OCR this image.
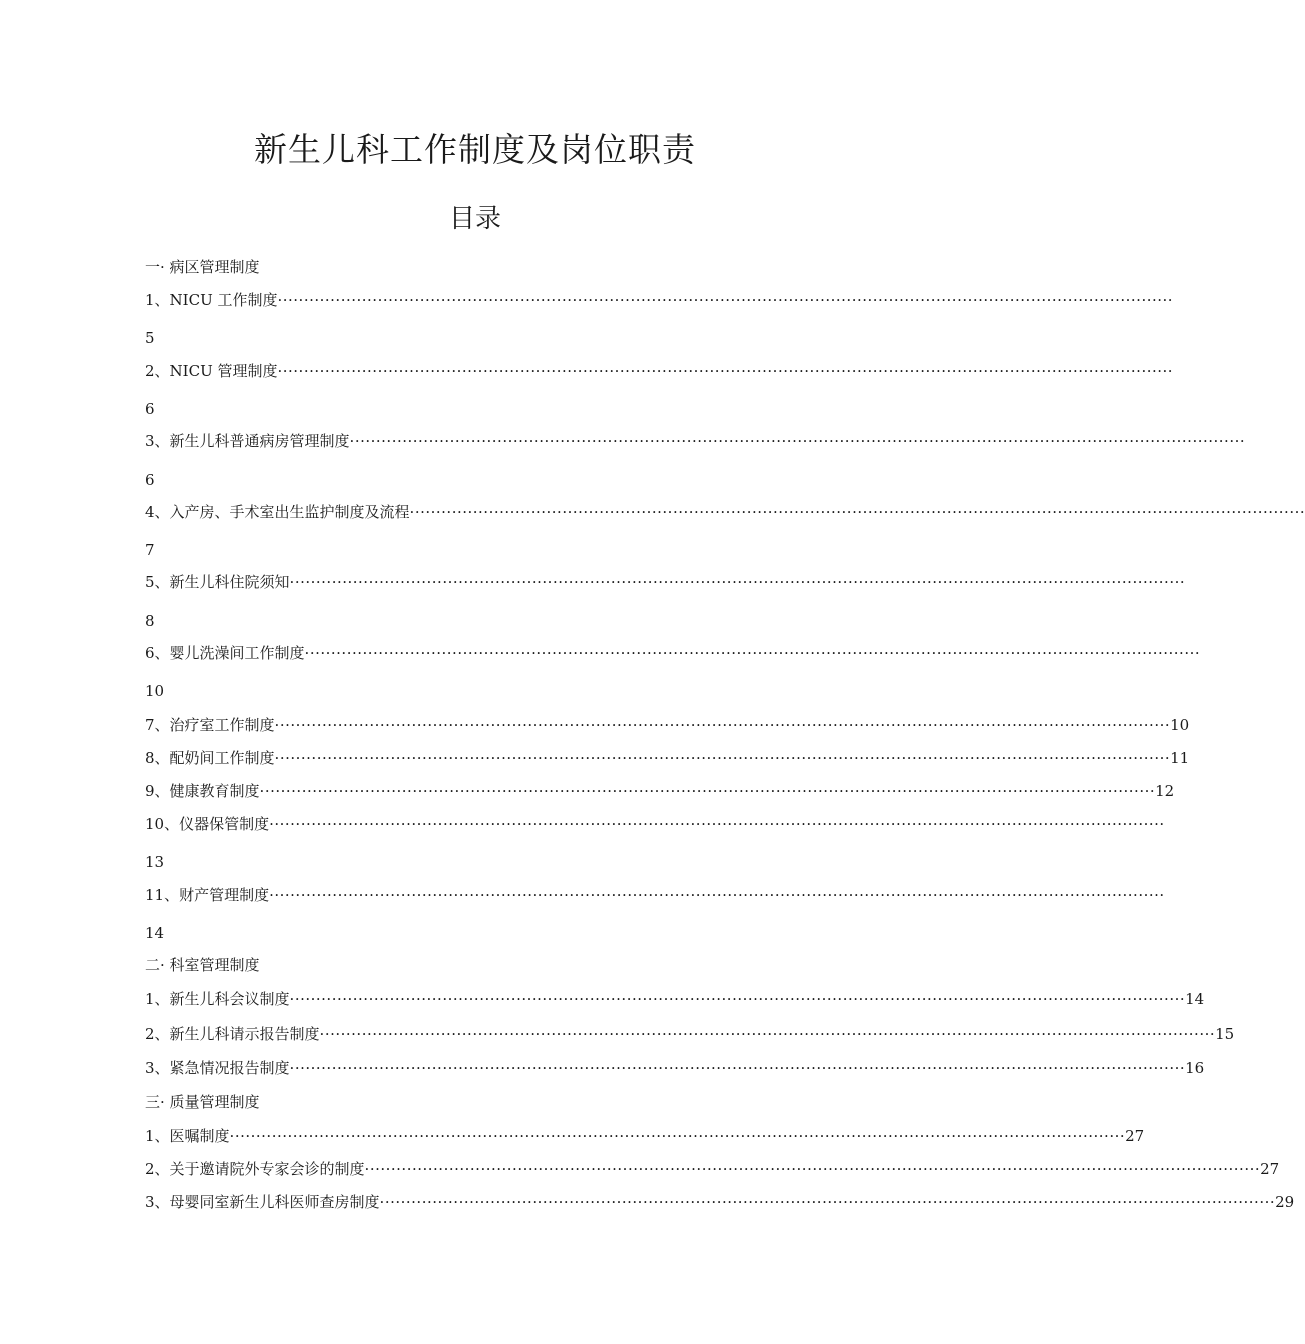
新生儿科工作制度及岗位职责
目录
一· 病区管理制度
1、NICU 工作制度 ··········································································································································································
5
2、NICU 管理制度 ··········································································································································································
6
3、新生儿科普通病房管理制度 ··········································································································································································
6
4、入产房、手术室出生监护制度及流程 ··········································································································································································
7
5、新生儿科住院须知 ··········································································································································································
8
6、婴儿洗澡间工作制度 ··········································································································································································
10
7、治疗室工作制度 ·········································································································································································· 10
8、配奶间工作制度 ·········································································································································································· 11
9、健康教育制度 ·········································································································································································· 12
10、仪器保管制度 ··········································································································································································
13
11、财产管理制度 ··········································································································································································
14
二· 科室管理制度
1、新生儿科会议制度 ·········································································································································································· 14
2、新生儿科请示报告制度 ·········································································································································································· 15
3、紧急情况报告制度 ·········································································································································································· 16
三· 质量管理制度
1、医嘱制度 ·········································································································································································· 27
2、关于邀请院外专家会诊的制度 ·········································································································································································· 27
3、母婴同室新生儿科医师查房制度 ·········································································································································································· 29
